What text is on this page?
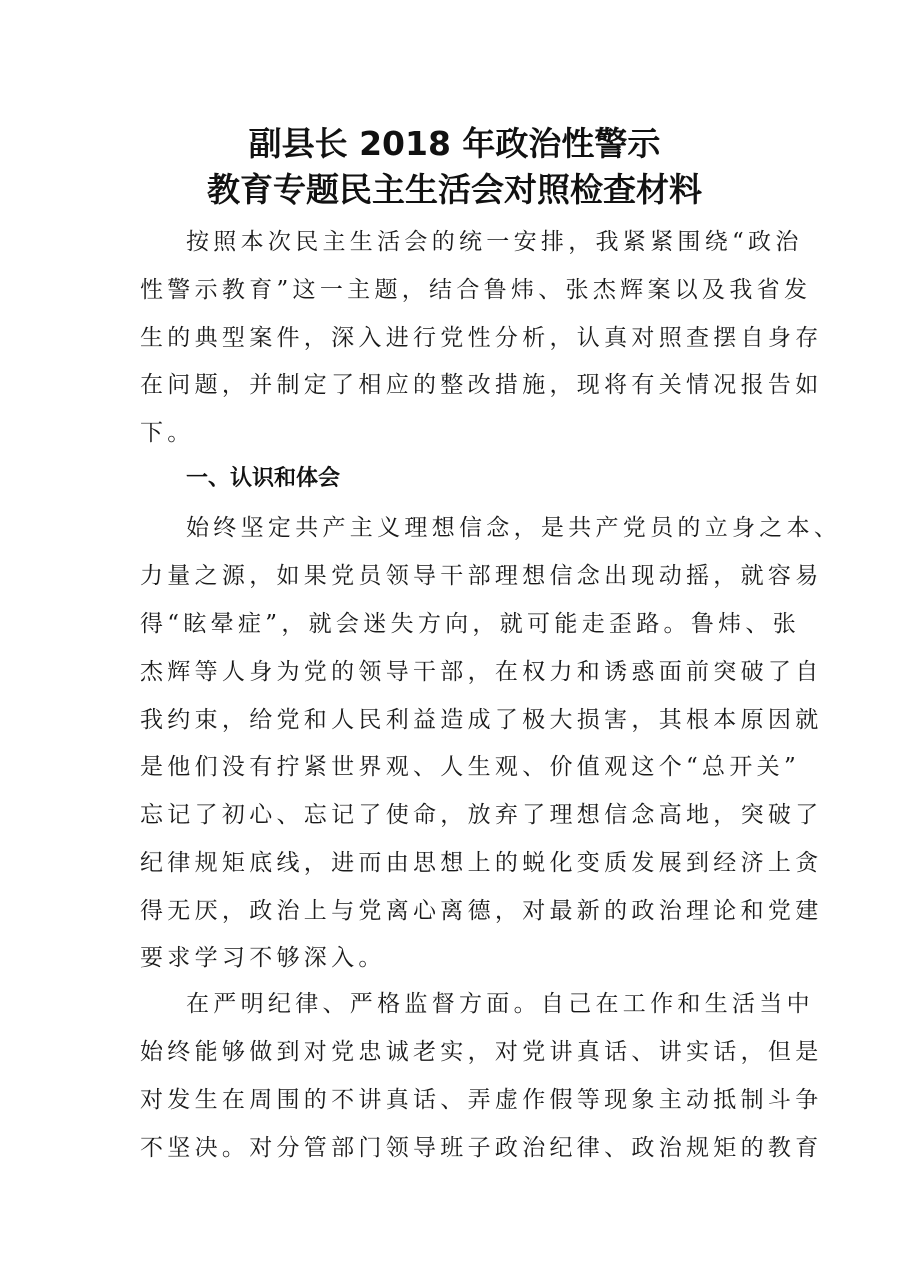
副县长 2018 年政治性警示
教育专题民主生活会对照检查材料
按照本次民主生活会的统一安排，我紧紧围绕“政治
性警示教育”这一主题，结合鲁炜、张杰辉案以及我省发
生的典型案件，深入进行党性分析，认真对照查摆自身存
在问题，并制定了相应的整改措施，现将有关情况报告如
下。
一、认识和体会
始终坚定共产主义理想信念，是共产党员的立身之本、
力量之源，如果党员领导干部理想信念出现动摇，就容易
得“眩晕症”，就会迷失方向，就可能走歪路。鲁炜、张
杰辉等人身为党的领导干部，在权力和诱惑面前突破了自
我约束，给党和人民利益造成了极大损害，其根本原因就
是他们没有拧紧世界观、人生观、价值观这个“总开关”
忘记了初心、忘记了使命，放弃了理想信念高地，突破了
纪律规矩底线，进而由思想上的蜕化变质发展到经济上贪
得无厌，政治上与党离心离德，对最新的政治理论和党建
要求学习不够深入。
在严明纪律、严格监督方面。自己在工作和生活当中
始终能够做到对党忠诚老实，对党讲真话、讲实话，但是
对发生在周围的不讲真话、弄虚作假等现象主动抵制斗争
不坚决。对分管部门领导班子政治纪律、政治规矩的教育
